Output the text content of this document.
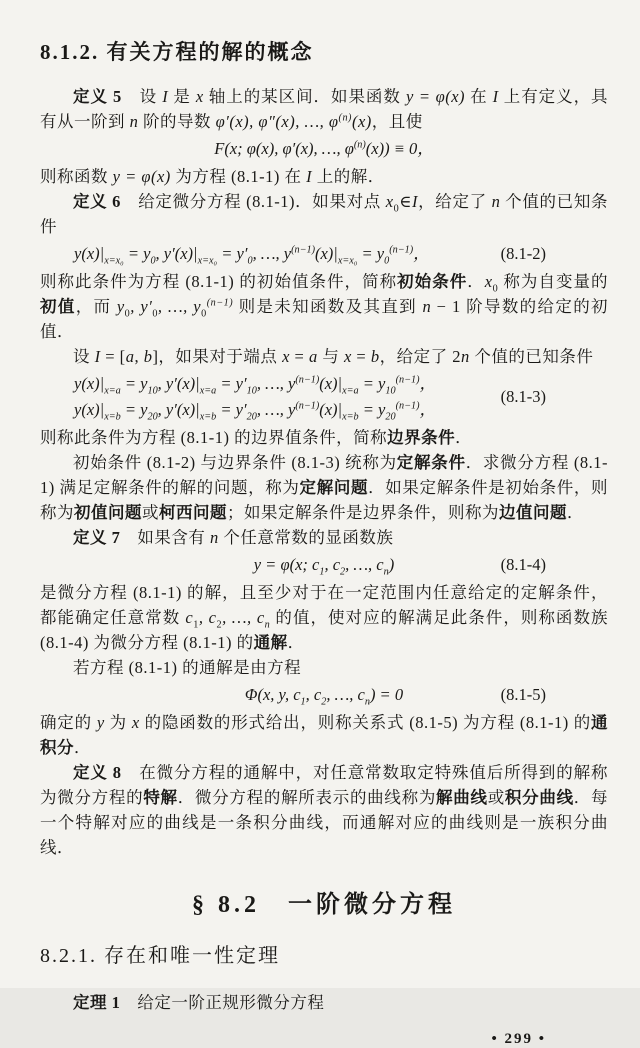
8.1.2. 有关方程的解的概念

定义 5　设 I 是 x 轴上的某区间．如果函数 y = φ(x) 在 I 上有定义，具有从一阶到 n 阶的导数 φ′(x), φ″(x), …, $\varphi^{(n)}(x)$，且使

F(x; φ(x), φ′(x), …, $\varphi^{(n)}(x)) \equiv 0$，

则称函数 y = φ(x) 为方程 (8.1-1) 在 I 上的解．

定义 6　给定微分方程 (8.1-1)．如果对点 $x_0\in I$，给定了 n 个值的已知条件

$y(x)|_{x=x_0} = y_0$, $y'(x)|_{x=x_0} = y'_0$, …, $y^{(n-1)}(x)|_{x=x_0} = y_0^{(n-1)}$，	(8.1-2)

则称此条件为方程 (8.1-1) 的初始值条件，简称初始条件．$x_0$ 称为自变量的初值，而 $y_0$, $y'_0$, …, $y_0^{(n-1)}$ 则是未知函数及其直到 n − 1 阶导数的给定的初值．

设 I = [a, b]，如果对于端点 x = a 与 x = b，给定了 2n 个值的已知条件

$y(x)|_{x=a} = y_{10}$, $y'(x)|_{x=a} = y'_{10}$, …, $y^{(n-1)}(x)|_{x=a} = y_{10}^{(n-1)}$，
$y(x)|_{x=b} = y_{20}$, $y'(x)|_{x=b} = y'_{20}$, …, $y^{(n-1)}(x)|_{x=b} = y_{20}^{(n-1)}$，
(8.1-3)

则称此条件为方程 (8.1-1) 的边界值条件，简称边界条件．

初始条件 (8.1-2) 与边界条件 (8.1-3) 统称为定解条件．求微分方程 (8.1-1) 满足定解条件的解的问题，称为定解问题．如果定解条件是初始条件，则称为初值问题或柯西问题；如果定解条件是边界条件，则称为边值问题．

定义 7　如果含有 n 个任意常数的显函数族

y = φ(x; $c_1$, $c_2$, …, $c_n$)	(8.1-4)

是微分方程 (8.1-1) 的解，且至少对于在一定范围内任意给定的定解条件，都能确定任意常数 $c_1$, $c_2$, …, $c_n$ 的值，使对应的解满足此条件，则称函数族 (8.1-4) 为微分方程 (8.1-1) 的通解．

若方程 (8.1-1) 的通解是由方程

Φ(x, y, $c_1$, $c_2$, …, $c_n) = 0$	(8.1-5)

确定的 y 为 x 的隐函数的形式给出，则称关系式 (8.1-5) 为方程 (8.1-1) 的通积分．

定义 8　在微分方程的通解中，对任意常数取定特殊值后所得到的解称 为微分方程的特解．微分方程的解所表示的曲线称为解曲线或积分曲线．每一个特解对应的曲线是一条积分曲线，而通解对应的曲线则是一族积分曲线．

§ 8.2　一阶微分方程
8.2.1. 存在和唯一性定理

定理 1　给定一阶正规形微分方程

• 299 •
